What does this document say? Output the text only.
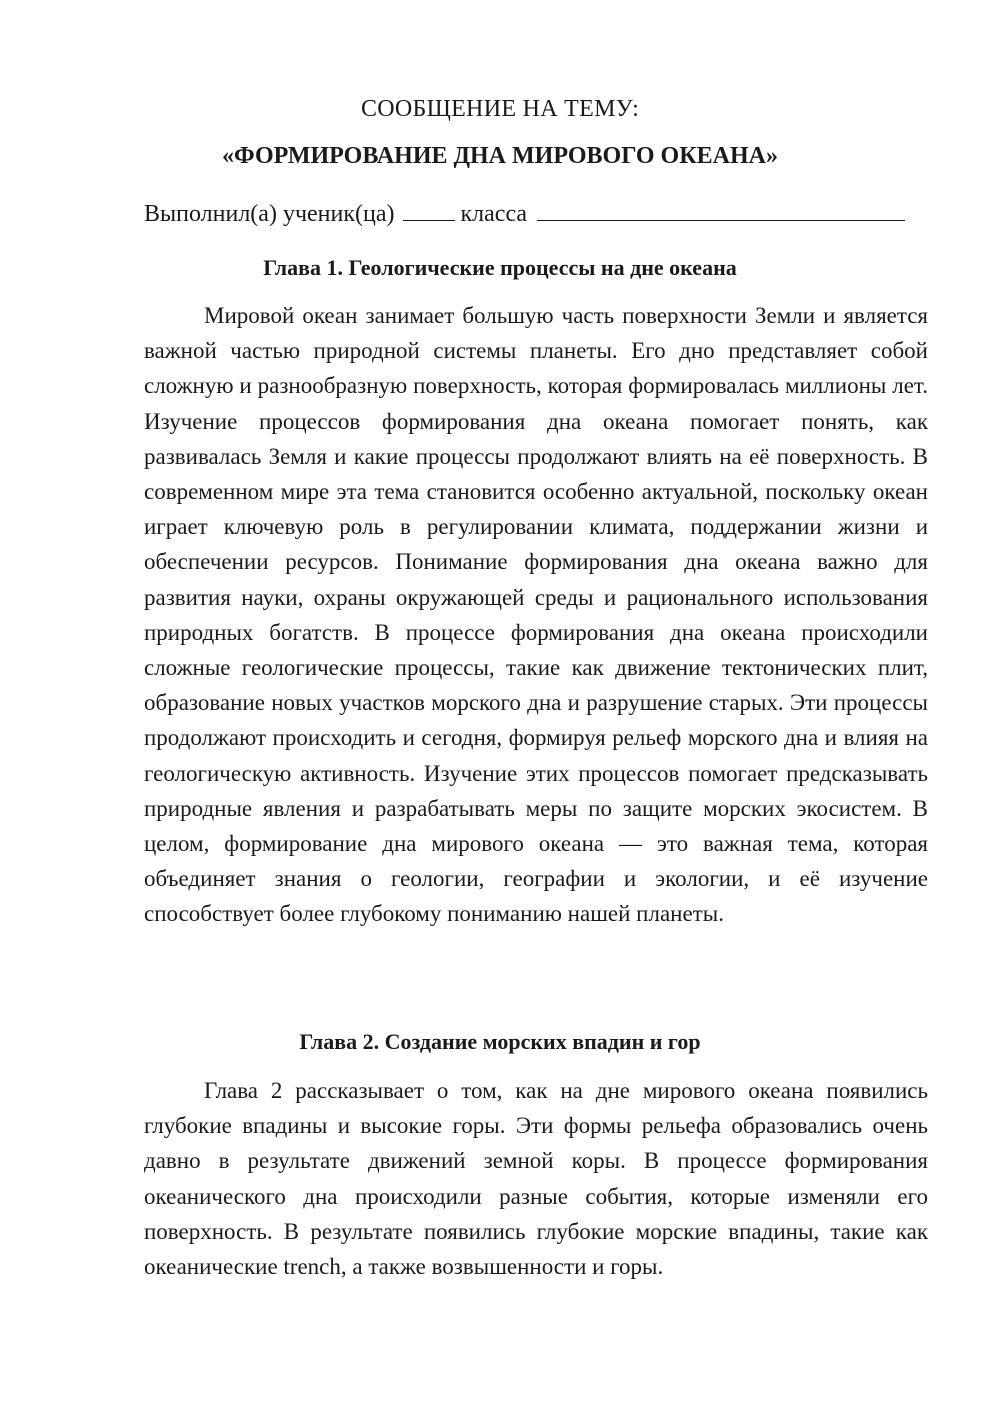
СООБЩЕНИЕ НА ТЕМУ:
«ФОРМИРОВАНИЕ ДНА МИРОВОГО ОКЕАНА»
Выполнил(а) ученик(ца)	класса
Глава 1. Геологические процессы на дне океана

Мировой океан занимает большую часть поверхности Земли и является важной частью природной системы планеты. Его дно представляет собой сложную и разнообразную поверхность, которая формировалась миллионы лет. Изучение процессов формирования дна океана помогает понять, как развивалась Земля и какие процессы продолжают влиять на её поверхность. В современном мире эта тема становится особенно актуальной, поскольку океан играет ключевую роль в регулировании климата, поддержании жизни и обеспечении ресурсов. Понимание формирования дна океана важно для развития науки, охраны окружающей среды и рационального использования природных богатств. В процессе формирования дна океана происходили сложные геологические процессы, такие как движение тектонических плит, образование новых участков морского дна и разрушение старых. Эти процессы продолжают происходить и сегодня, формируя рельеф морского дна и влияя на геологическую активность. Изучение этих процессов помогает предсказывать природные явления и разрабатывать меры по защите морских экосистем. В целом, формирование дна мирового океана — это важная тема, которая объединяет знания о геологии, географии и экологии, и её изучение способствует более глубокому пониманию нашей планеты.

Глава 2. Создание морских впадин и гор

Глава 2 рассказывает о том, как на дне мирового океана появились глубокие впадины и высокие горы. Эти формы рельефа образовались очень давно в результате движений земной коры. В процессе формирования океанического дна происходили разные события, которые изменяли его поверхность. В результате появились глубокие морские впадины, такие как океанические trench, а также возвышенности и горы.
